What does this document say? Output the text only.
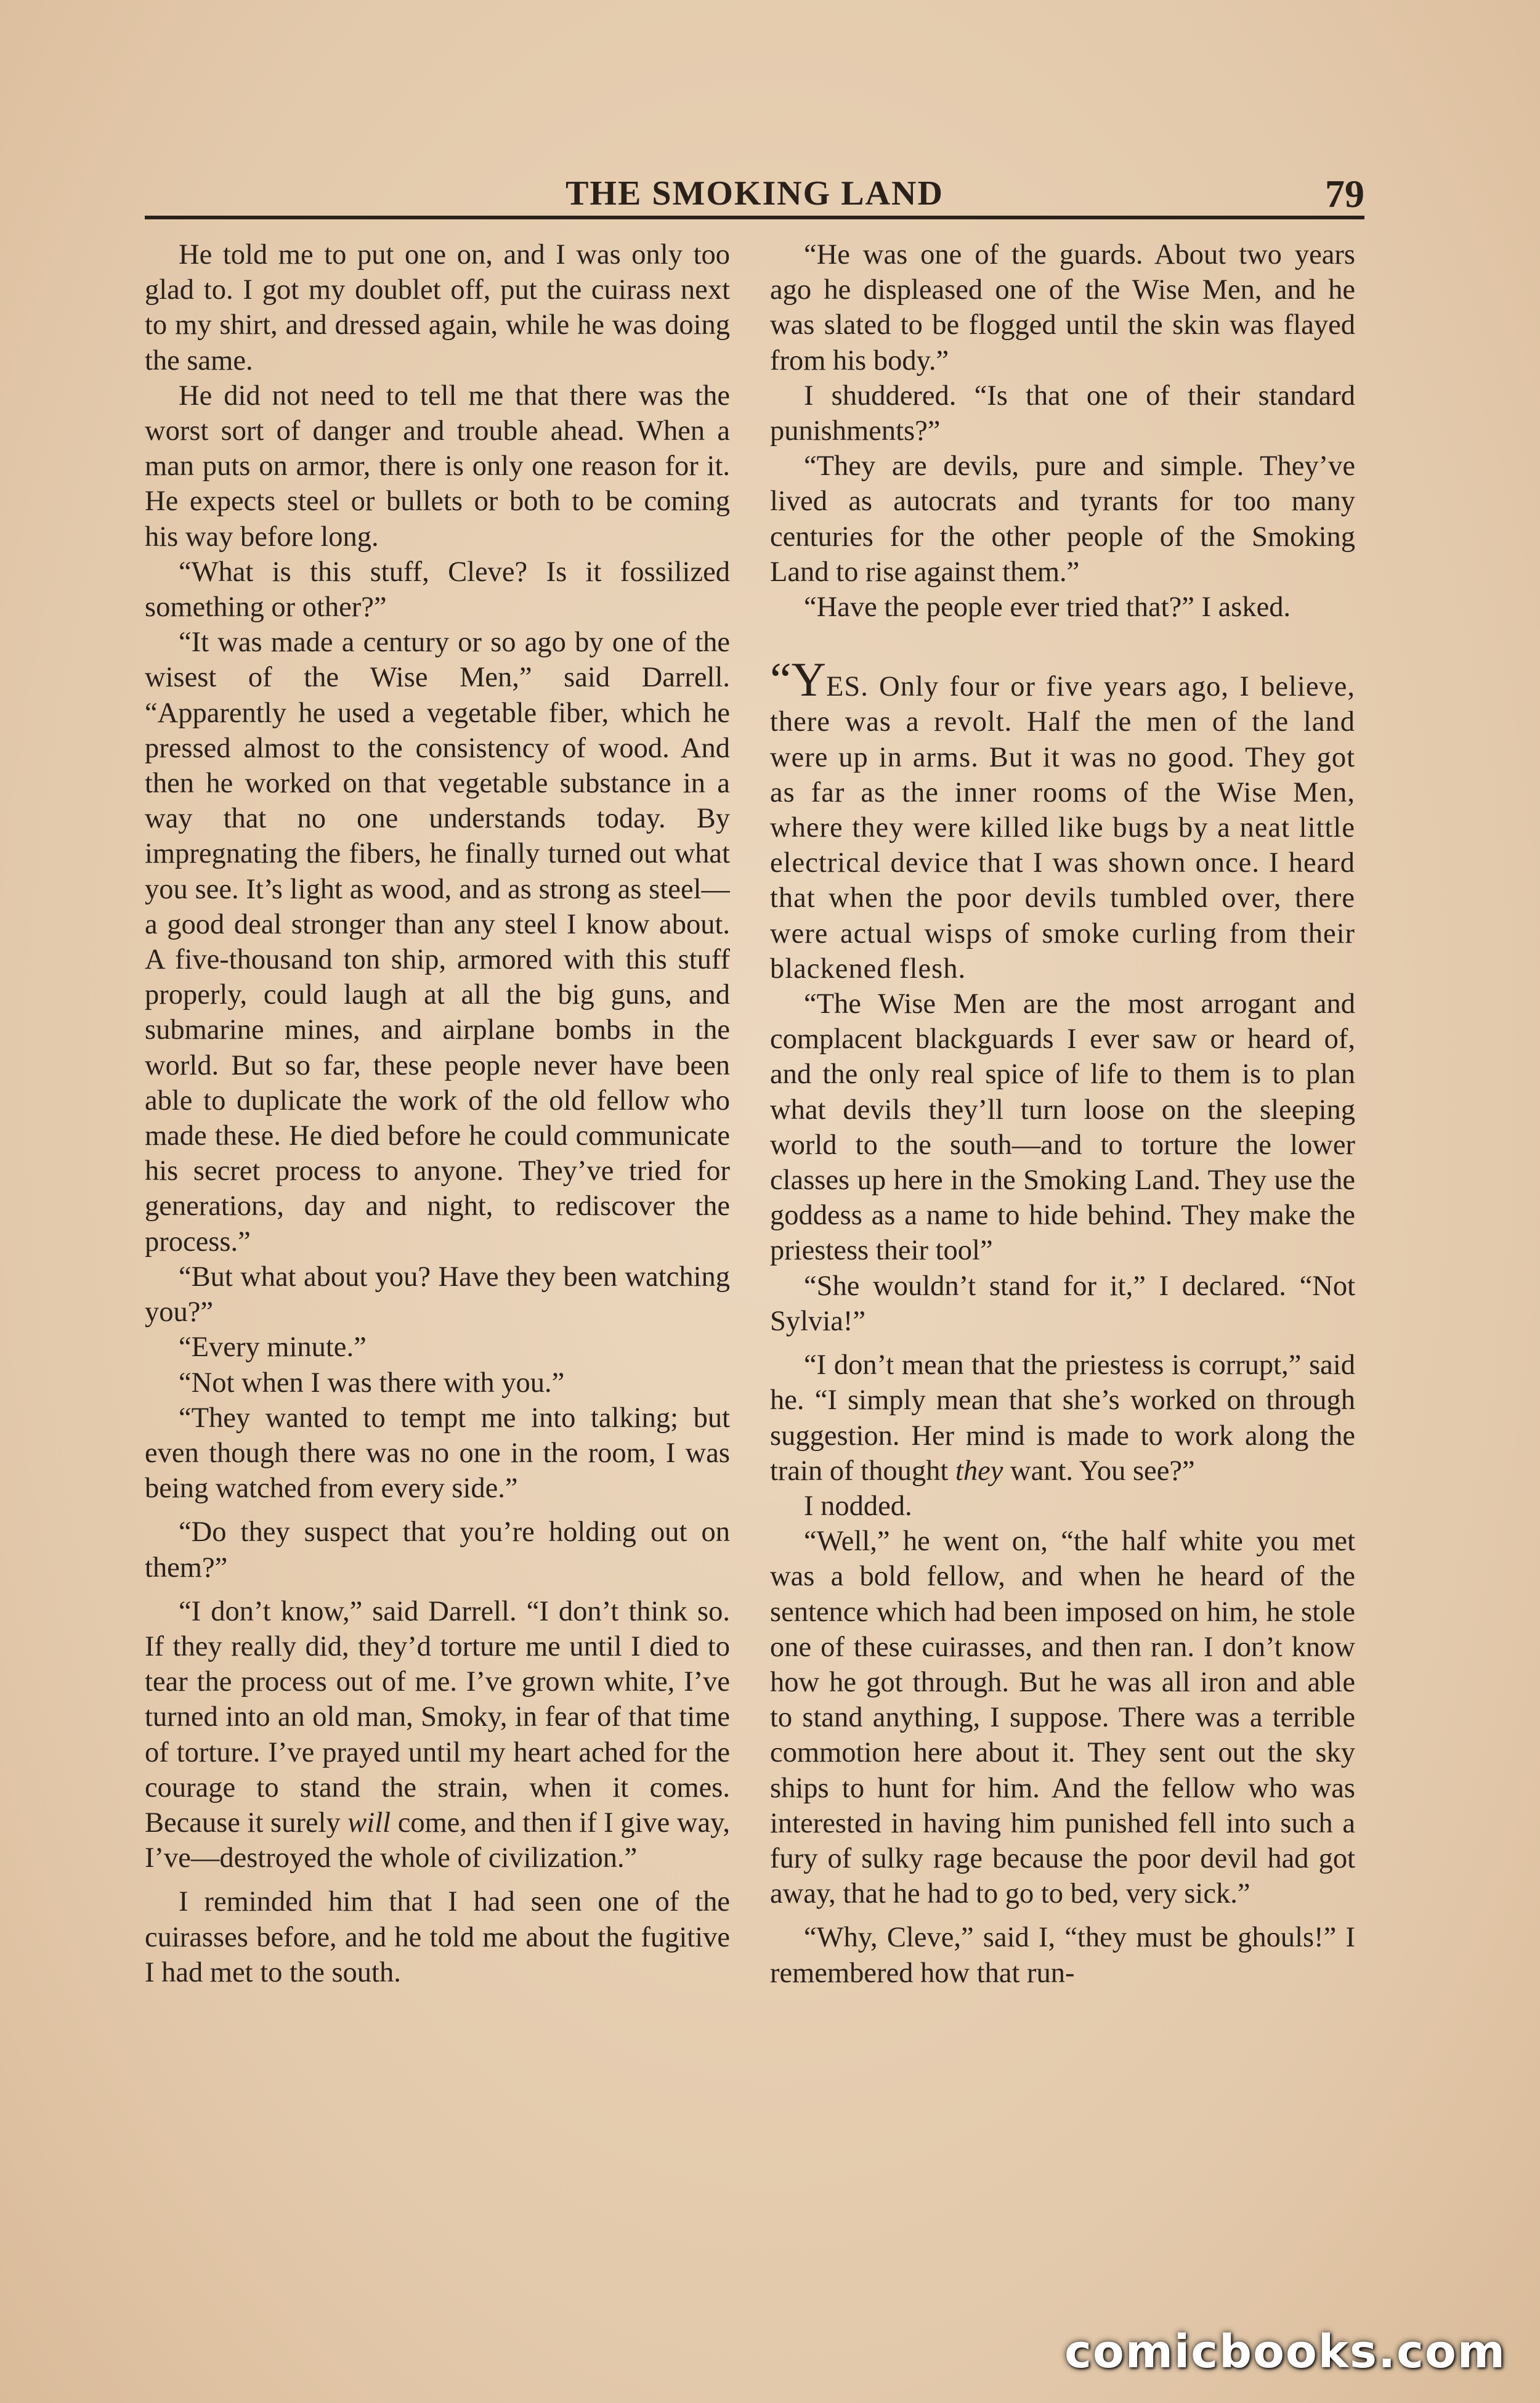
THE SMOKING LAND	79

He told me to put one on, and I was only too glad to. I got my doublet off, put the cuirass next to my shirt, and dressed again, while he was doing the same.

He did not need to tell me that there was the worst sort of danger and trouble ahead. When a man puts on armor, there is only one reason for it. He expects steel or bullets or both to be coming his way before long.

“What is this stuff, Cleve? Is it fossilized something or other?”

“It was made a century or so ago by one of the wisest of the Wise Men,” said Darrell. “Apparently he used a vegetable fiber, which he pressed almost to the consistency of wood. And then he worked on that vegetable substance in a way that no one understands today. By impregnating the fibers, he finally turned out what you see. It’s light as wood, and as strong as steel—a good deal stronger than any steel I know about. A five-thousand ton ship, armored with this stuff properly, could laugh at all the big guns, and submarine mines, and airplane bombs in the world. But so far, these people never have been able to duplicate the work of the old fellow who made these. He died before he could communicate his secret process to anyone. They’ve tried for generations, day and night, to rediscover the process.”

“But what about you? Have they been watching you?”

“Every minute.”

“Not when I was there with you.”

“They wanted to tempt me into talking; but even though there was no one in the room, I was being watched from every side.”

“Do they suspect that you’re holding out on them?”

“I don’t know,” said Darrell. “I don’t think so. If they really did, they’d torture me until I died to tear the process out of me. I’ve grown white, I’ve turned into an old man, Smoky, in fear of that time of torture. I’ve prayed until my heart ached for the courage to stand the strain, when it comes. Because it surely will come, and then if I give way, I’ve—destroyed the whole of civilization.”

I reminded him that I had seen one of the cuirasses before, and he told me about the fugitive I had met to the south.

“He was one of the guards. About two years ago he displeased one of the Wise Men, and he was slated to be flogged until the skin was flayed from his body.”

I shuddered. “Is that one of their standard punishments?”

“They are devils, pure and simple. They’ve lived as autocrats and tyrants for too many centuries for the other people of the Smoking Land to rise against them.”

“Have the people ever tried that?” I asked.

“YES. Only four or five years ago, I believe, there was a revolt. Half the men of the land were up in arms. But it was no good. They got as far as the inner rooms of the Wise Men, where they were killed like bugs by a neat little electrical device that I was shown once. I heard that when the poor devils tumbled over, there were actual wisps of smoke curling from their blackened flesh.

“The Wise Men are the most arrogant and complacent blackguards I ever saw or heard of, and the only real spice of life to them is to plan what devils they’ll turn loose on the sleeping world to the south—and to torture the lower classes up here in the Smoking Land. They use the goddess as a name to hide behind. They make the priestess their tool”

“She wouldn’t stand for it,” I declared. “Not Sylvia!”

“I don’t mean that the priestess is corrupt,” said he. “I simply mean that she’s worked on through suggestion. Her mind is made to work along the train of thought they want. You see?”

I nodded.

“Well,” he went on, “the half white you met was a bold fellow, and when he heard of the sentence which had been imposed on him, he stole one of these cuirasses, and then ran. I don’t know how he got through. But he was all iron and able to stand anything, I suppose. There was a terrible commotion here about it. They sent out the sky ships to hunt for him. And the fellow who was interested in having him punished fell into such a fury of sulky rage because the poor devil had got away, that he had to go to bed, very sick.”

“Why, Cleve,” said I, “they must be ghouls!” I remembered how that run-

comicbooks.com
